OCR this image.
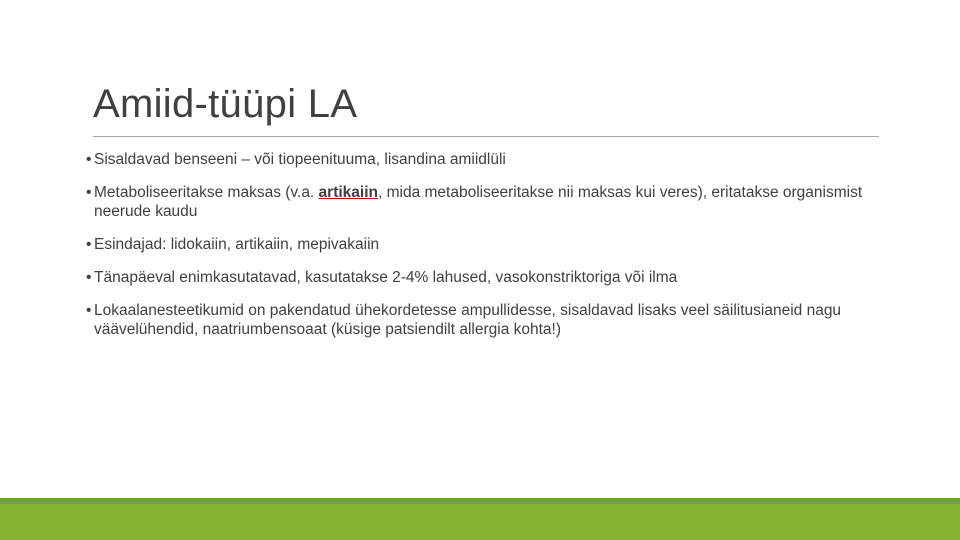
Amiid-tüüpi LA
• Sisaldavad benseeni – või tiopeenituuma, lisandina amiidlüli
• Metaboliseeritakse maksas (v.a. artikaiin, mida metaboliseeritakse nii maksas kui veres), eritatakse organismist neerude kaudu
• Esindajad: lidokaiin, artikaiin, mepivakaiin
• Tänapäeval enimkasutatavad, kasutatakse 2-4% lahused, vasokonstriktoriga või ilma
• Lokaalanesteetikumid on pakendatud ühekordetesse ampullidesse, sisaldavad lisaks veel säilitusianeid nagu väävelühendid, naatriumbensoaat (küsige patsiendilt allergia kohta!)
